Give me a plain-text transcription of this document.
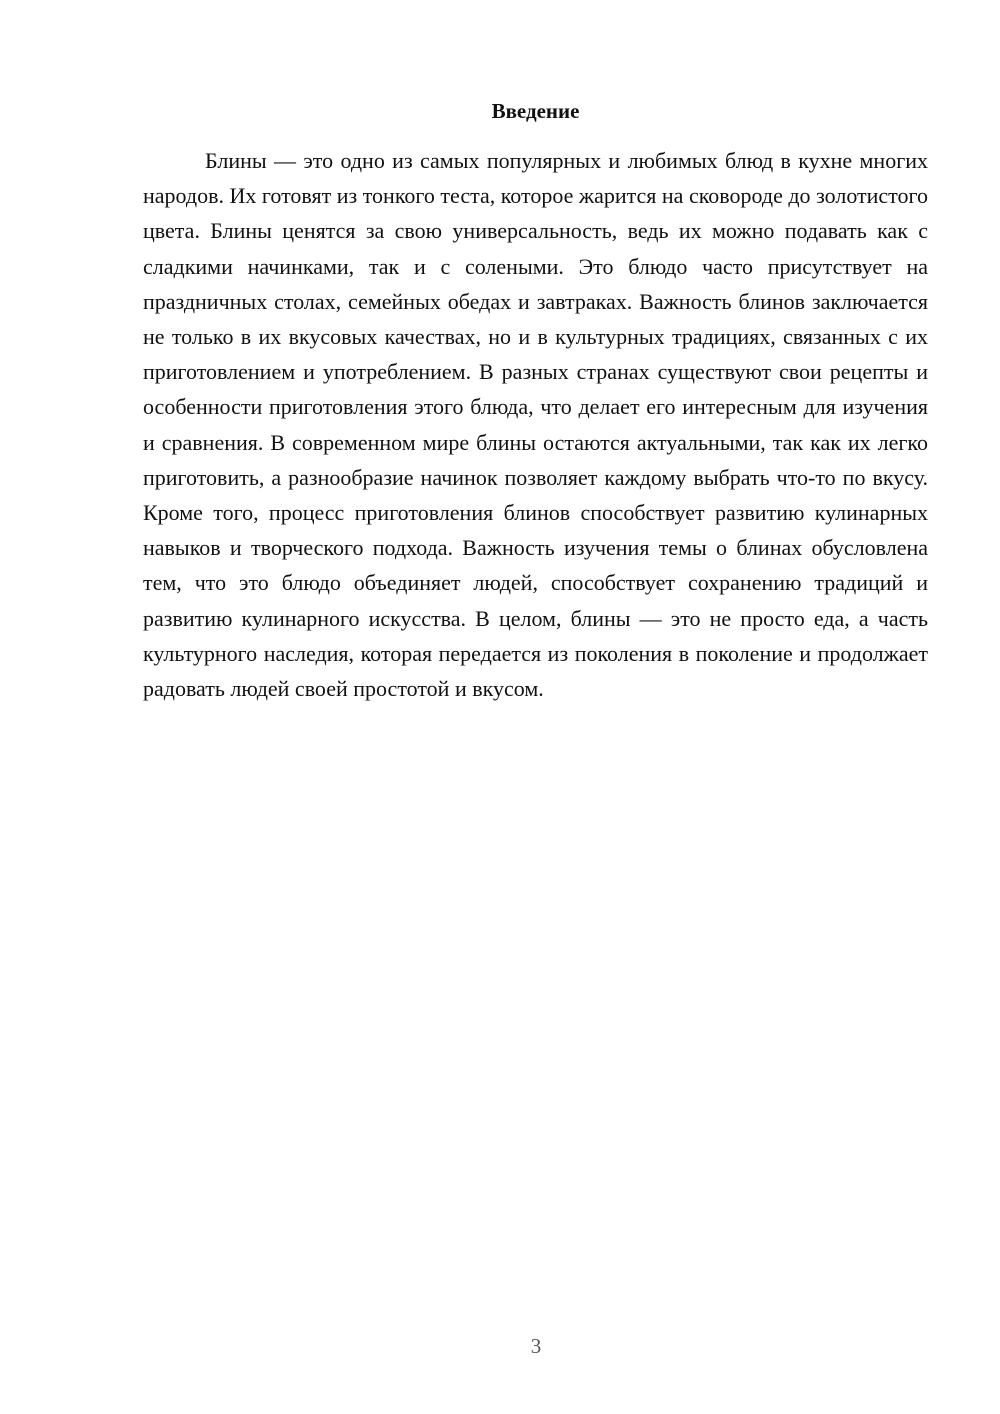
Введение

Блины — это одно из самых популярных и любимых блюд в кухне многих народов. Их готовят из тонкого теста, которое жарится на сковороде до золотистого цвета. Блины ценятся за свою универсальность, ведь их можно подавать как с сладкими начинками, так и с солеными. Это блюдо часто присутствует на праздничных столах, семейных обедах и завтраках. Важность блинов заключается не только в их вкусовых качествах, но и в культурных традициях, связанных с их приготовлением и употреблением. В разных странах существуют свои рецепты и особенности приготовления этого блюда, что делает его интересным для изучения и сравнения. В современном мире блины остаются актуальными, так как их легко приготовить, а разнообразие начинок позволяет каждому выбрать что-то по вкусу. Кроме того, процесс приготовления блинов способствует развитию кулинарных навыков и творческого подхода. Важность изучения темы о блинах обусловлена тем, что это блюдо объединяет людей, способствует сохранению традиций и развитию кулинарного искусства. В целом, блины — это не просто еда, а часть культурного наследия, которая передается из поколения в поколение и продолжает радовать людей своей простотой и вкусом.

3
